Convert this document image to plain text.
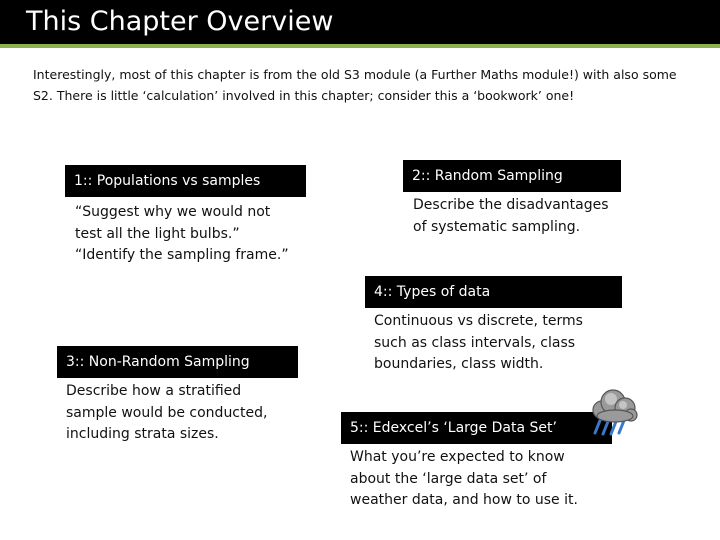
This Chapter Overview
Interestingly, most of this chapter is from the old S3 module (a Further Maths module!) with also some S2. There is little ‘calculation’ involved in this chapter; consider this a ‘bookwork’ one!
1:: Populations vs samples
“Suggest why we would not
test all the light bulbs.”
“Identify the sampling frame.”
2:: Random Sampling
Describe the disadvantages
of systematic sampling.
4:: Types of data
Continuous vs discrete, terms
such as class intervals, class
boundaries, class width.
3:: Non-Random Sampling
Describe how a stratified
sample would be conducted,
including strata sizes.	5:: Edexcel’s ‘Large Data Set’
What you’re expected to know
about the ‘large data set’ of
weather data, and how to use it.
